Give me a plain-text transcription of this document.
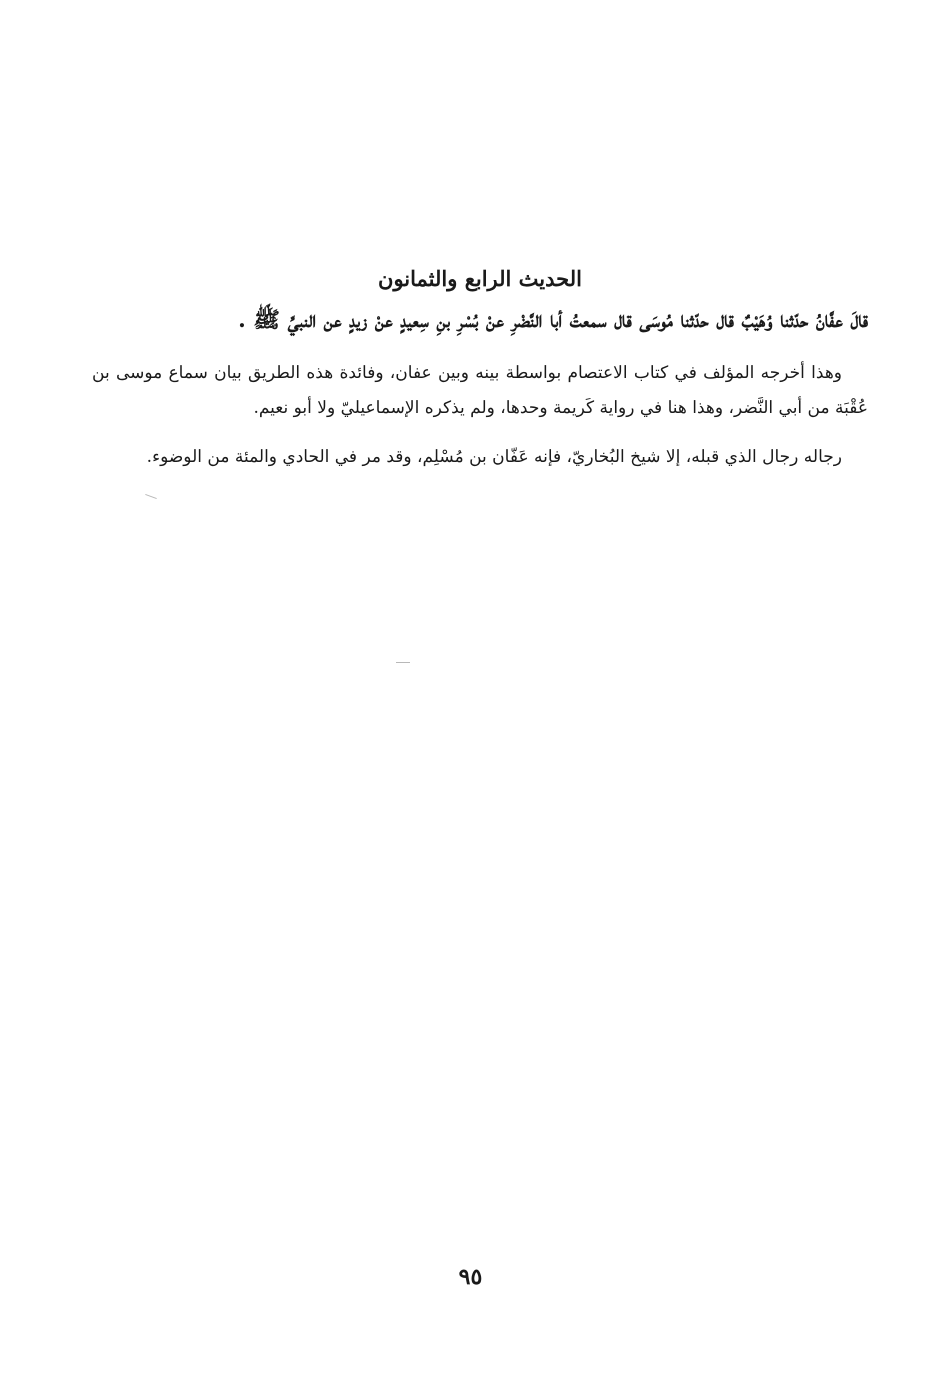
الحديث الرابع والثمانون

قالَ عفَّانُ حدّثنا وُهَيْبٌ قال حدّثنا مُوسَى قال سمعتُ أبا النَّضْرِ عنْ بُسْرِ بنِ سِعيدٍ عنْ زيدٍ عن النبيِّ ﷺ .

وهذا أخرجه المؤلف في كتاب الاعتصام بواسطة بينه وبين عفان، وفائدة هذه الطريق بيان سماع موسى بن عُقْبَة من أبي النَّضر، وهذا هنا في رواية كَريمة وحدها، ولم يذكره الإسماعيليّ ولا أبو نعيم.

رجاله رجال الذي قبله، إلا شيخ البُخاريّ، فإنه عَفّان بن مُسْلِم، وقد مر في الحادي والمئة من الوضوء.

٩٥
